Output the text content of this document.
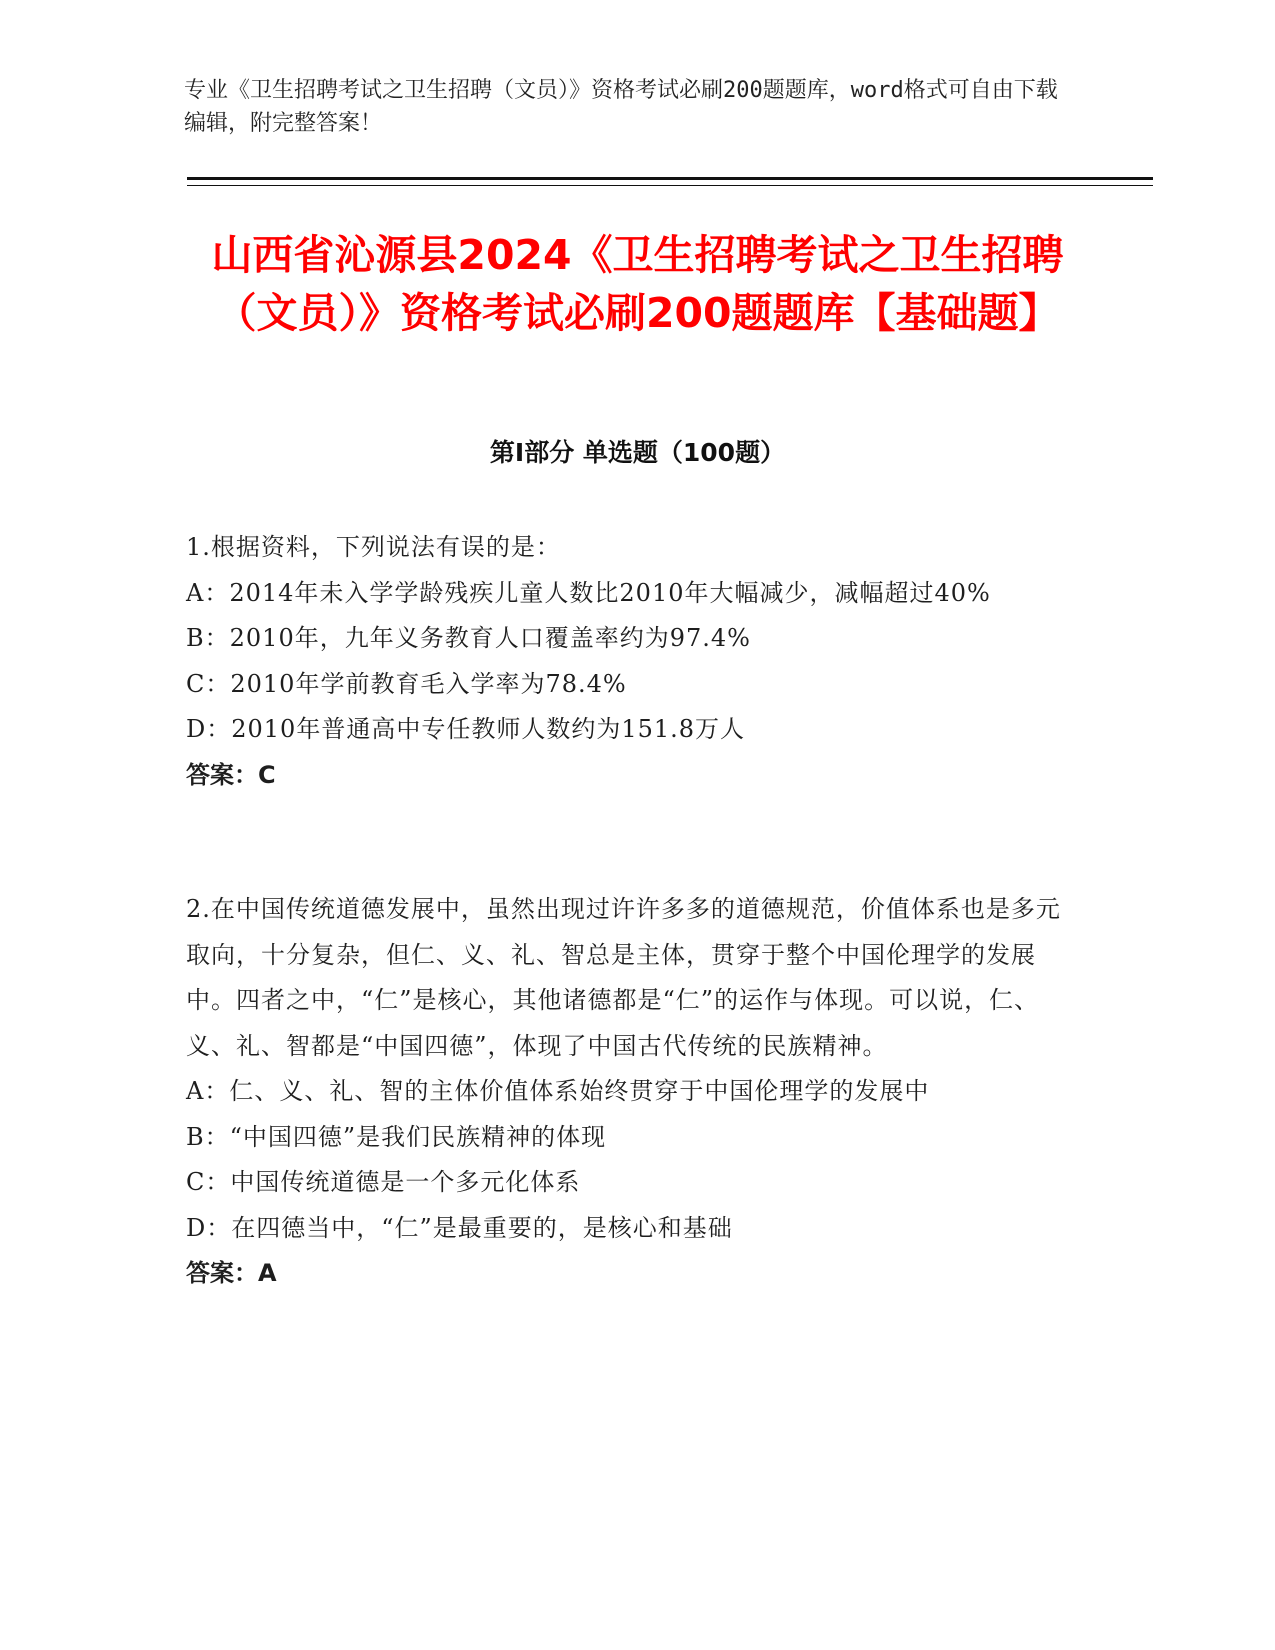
专业《卫生招聘考试之卫生招聘（文员）》资格考试必刷200题题库，word格式可自由下载编辑，附完整答案！
山西省沁源县2024《卫生招聘考试之卫生招聘（文员）》资格考试必刷200题题库【基础题】
第I部分 单选题（100题）
1.根据资料，下列说法有误的是：
A：2014年未入学学龄残疾儿童人数比2010年大幅减少，减幅超过40%
B：2010年，九年义务教育人口覆盖率约为97.4%
C：2010年学前教育毛入学率为78.4%
D：2010年普通高中专任教师人数约为151.8万人
答案：C
2.在中国传统道德发展中，虽然出现过许许多多的道德规范，价值体系也是多元取向，十分复杂，但仁、义、礼、智总是主体，贯穿于整个中国伦理学的发展中。四者之中，“仁”是核心，其他诸德都是“仁”的运作与体现。可以说，仁、义、礼、智都是“中国四德”，体现了中国古代传统的民族精神。
A：仁、义、礼、智的主体价值体系始终贯穿于中国伦理学的发展中
B：“中国四德”是我们民族精神的体现
C：中国传统道德是一个多元化体系
D：在四德当中，“仁”是最重要的，是核心和基础
答案：A
